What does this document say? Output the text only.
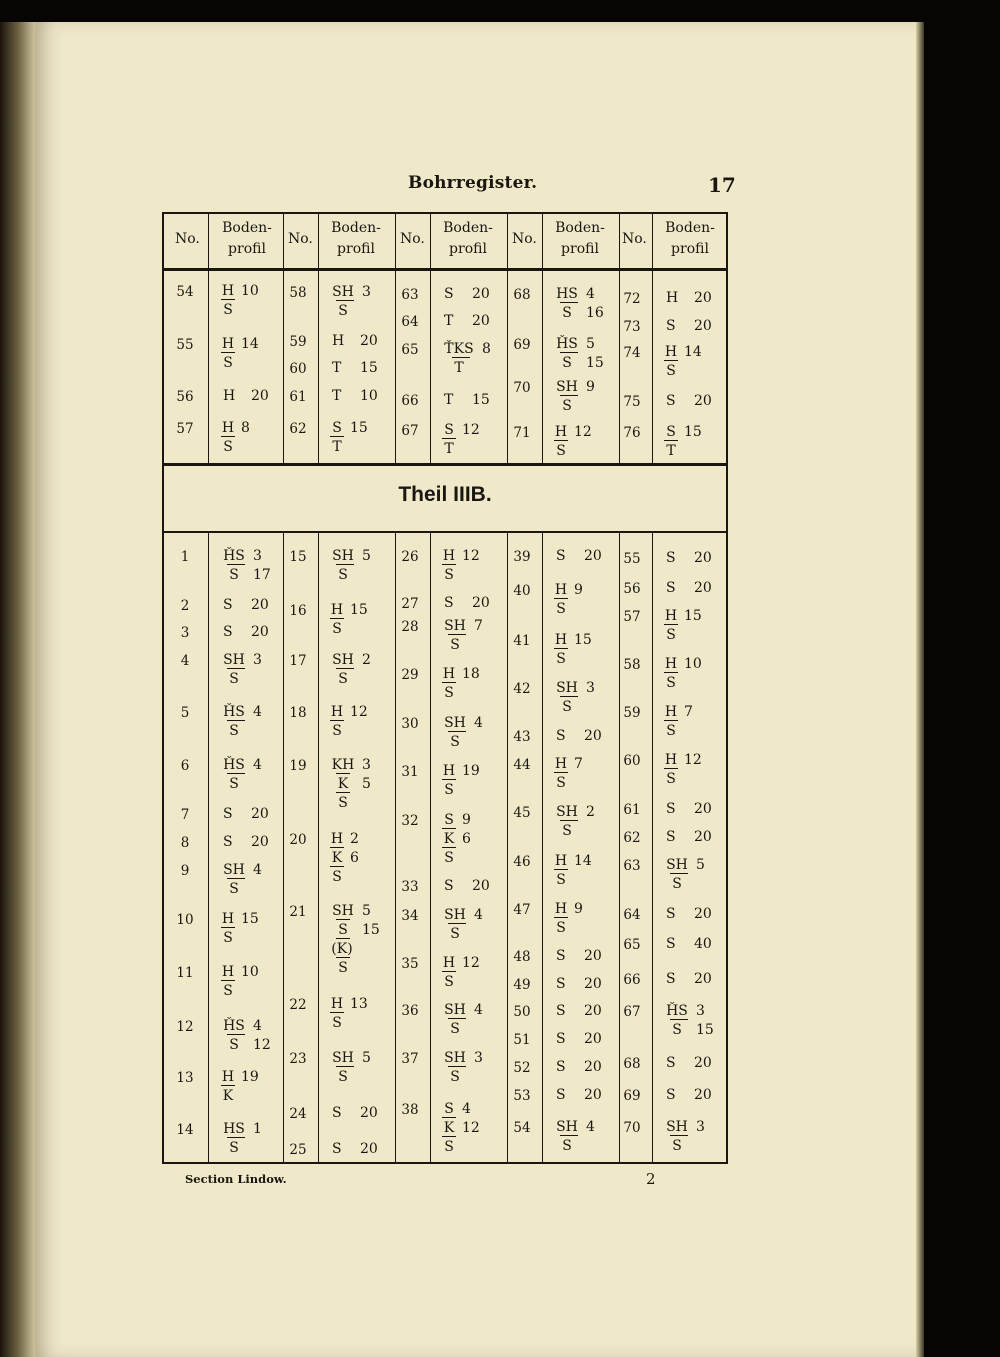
Bohrregister.	17
No.
Boden-
profil
No.
Boden-
profil
No.
Boden-
profil
No.
Boden-
profil
No.
Boden-
profil
54	H 10
S
55	H 14
S
56	H 20
57	H 8
S
58	SH 3
S
59	H 20
60	T 15
61	T 10
62	S 15
T
63	S 20
64	T 20
65	ŤKS 8
T
66	T 15
67	S 12
T
68	HS 4
S	16
69	ȞS 5
S	15
70	SH 9
S
71	H 12
S
72	H 20
73	S 20
74	H 14
S
75	S 20
76	S 15
T
1	ȞS 3
S	17
2	S 20
3	S 20
4	SH 3
S
5	ȞS 4
S
6	ȞS 4
S
7	S 20
8	S 20
9	SH 4
S
10	H 15
S
11	H 10
S
12	ȞS 4
S	12
13	H 19
K
14	HS 1
S
15	SH 5
S
16	H 15
S
17	SH 2
S
18	H 12
S
19	KH 3
K 5
S
20	H 2
K 6
S
21	SH 5
S	15
(K)
S
22	H 13
S
23	SH 5
S
24	S 20
25	S 20
26	H 12
S
27	S 20
28	SH 7
S
29	H 18
S
30	SH 4
S
31	H 19
S
32	S 9
K 6
S
33	S 20
34	SH 4
S
35	H 12
S
36	SH 4
S
37	SH 3
S
38	S 4
K 12
S
39	S 20
40	H 9
S
41	H 15
S
42	SH 3
S
43	S 20
44	H 7
S
45	SH 2
S
46	H 14
S
47	H 9
S
48	S 20
49	S 20
50	S 20
51	S 20
52	S 20
53	S 20
54	SH 4
S
55	S 20
56	S 20
57	H 15
S
58	H 10
S
59	H 7
S
60	H 12
S
61	S 20
62	S 20
63	SH 5
S
64	S 20
65	S 40
66	S 20
67	ȞS 3
S	15
68	S 20
69	S 20
70	SH 3
S
Theil IIIB.
Section Lindow.	2
